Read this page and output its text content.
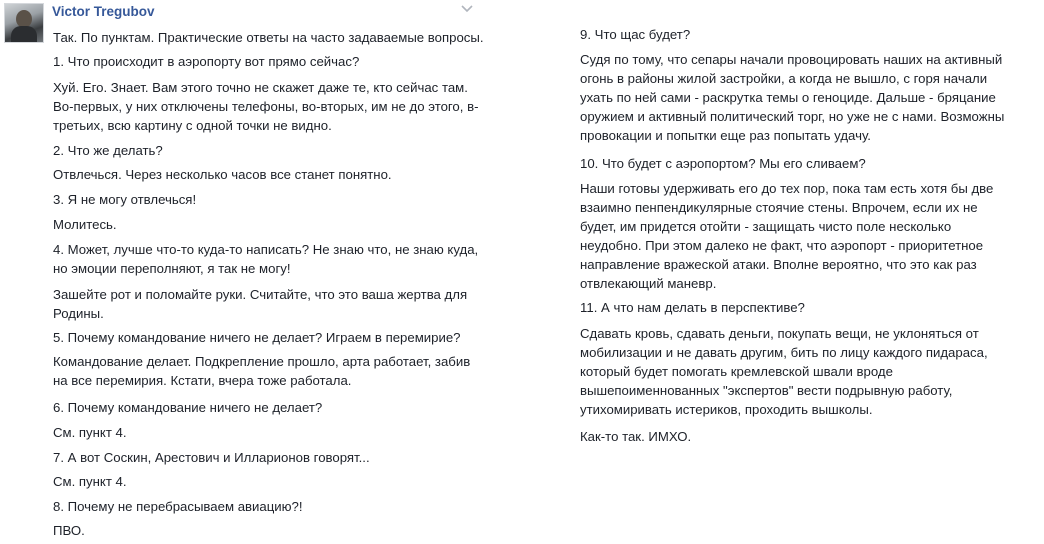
Victor Tregubov

Так. По пунктам. Практические ответы на часто задаваемые вопросы.

1. Что происходит в аэропорту вот прямо сейчас?

Хуй. Его. Знает. Вам этого точно не скажет даже те, кто сейчас там.
Во-первых, у них отключены телефоны, во-вторых, им не до этого, в-
третьих, всю картину с одной точки не видно.

2. Что же делать?

Отвлечься. Через несколько часов все станет понятно.

3. Я не могу отвлечься!

Молитесь.

4. Может, лучше что-то куда-то написать? Не знаю что, не знаю куда,
но эмоции переполняют, я так не могу!

Зашейте рот и поломайте руки. Считайте, что это ваша жертва для
Родины.

5. Почему командование ничего не делает? Играем в перемирие?

Командование делает. Подкрепление прошло, арта работает, забив
на все перемирия. Кстати, вчера тоже работала.

6. Почему командование ничего не делает?

См. пункт 4.

7. А вот Соскин, Арестович и Илларионов говорят...

См. пункт 4.

8. Почему не перебрасываем авиацию?!

ПВО.

9. Что щас будет?

Судя по тому, что сепары начали провоцировать наших на активный
огонь в районы жилой застройки, а когда не вышло, с горя начали
ухать по ней сами - раскрутка темы о геноциде. Дальше - бряцание
оружием и активный политический торг, но уже не с нами. Возможны
провокации и попытки еще раз попытать удачу.

10. Что будет с аэропортом? Мы его сливаем?

Наши готовы удерживать его до тех пор, пока там есть хотя бы две
взаимно пенпендикулярные стоячие стены. Впрочем, если их не
будет, им придется отойти - защищать чисто поле несколько
неудобно. При этом далеко не факт, что аэропорт - приоритетное
направление вражеской атаки. Вполне вероятно, что это как раз
отвлекающий маневр.

11. А что нам делать в перспективе?

Сдавать кровь, сдавать деньги, покупать вещи, не уклоняться от
мобилизации и не давать другим, бить по лицу каждого пидараса,
который будет помогать кремлевской швали вроде
вышепоименнованных "экспертов" вести подрывную работу,
утихомиривать истериков, проходить вышколы.

Как-то так. ИМХО.
